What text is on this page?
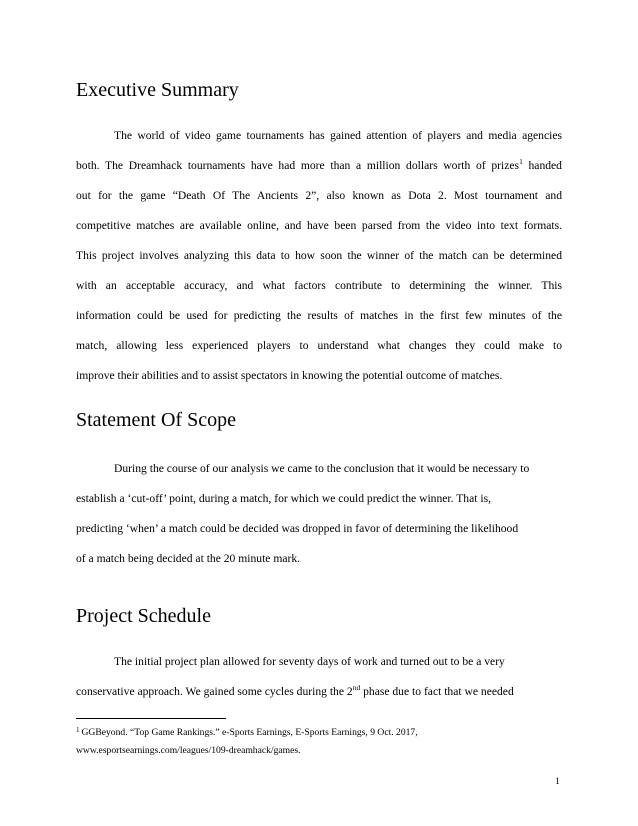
Executive Summary
The world of video game tournaments has gained attention of players and media agencies
both. The Dreamhack tournaments have had more than a million dollars worth of prizes$^1$ handed
out for the game “Death Of The Ancients 2”, also known as Dota 2. Most tournament and
competitive matches are available online, and have been parsed from the video into text formats.
This project involves analyzing this data to how soon the winner of the match can be determined
with an acceptable accuracy, and what factors contribute to determining the winner. This
information could be used for predicting the results of matches in the first few minutes of the
match, allowing less experienced players to understand what changes they could make to
improve their abilities and to assist spectators in knowing the potential outcome of matches.
Statement Of Scope
During the course of our analysis we came to the conclusion that it would be necessary to
establish a ‘cut-off’ point, during a match, for which we could predict the winner. That is,
predicting ‘when’ a match could be decided was dropped in favor of determining the likelihood
of a match being decided at the 20 minute mark.
Project Schedule
The initial project plan allowed for seventy days of work and turned out to be a very
conservative approach. We gained some cycles during the 2nd phase due to fact that we needed
$^1$ GGBeyond. “Top Game Rankings.” e-Sports Earnings, E-Sports Earnings, 9 Oct. 2017,
www.esportsearnings.com/leagues/109-dreamhack/games.
1
